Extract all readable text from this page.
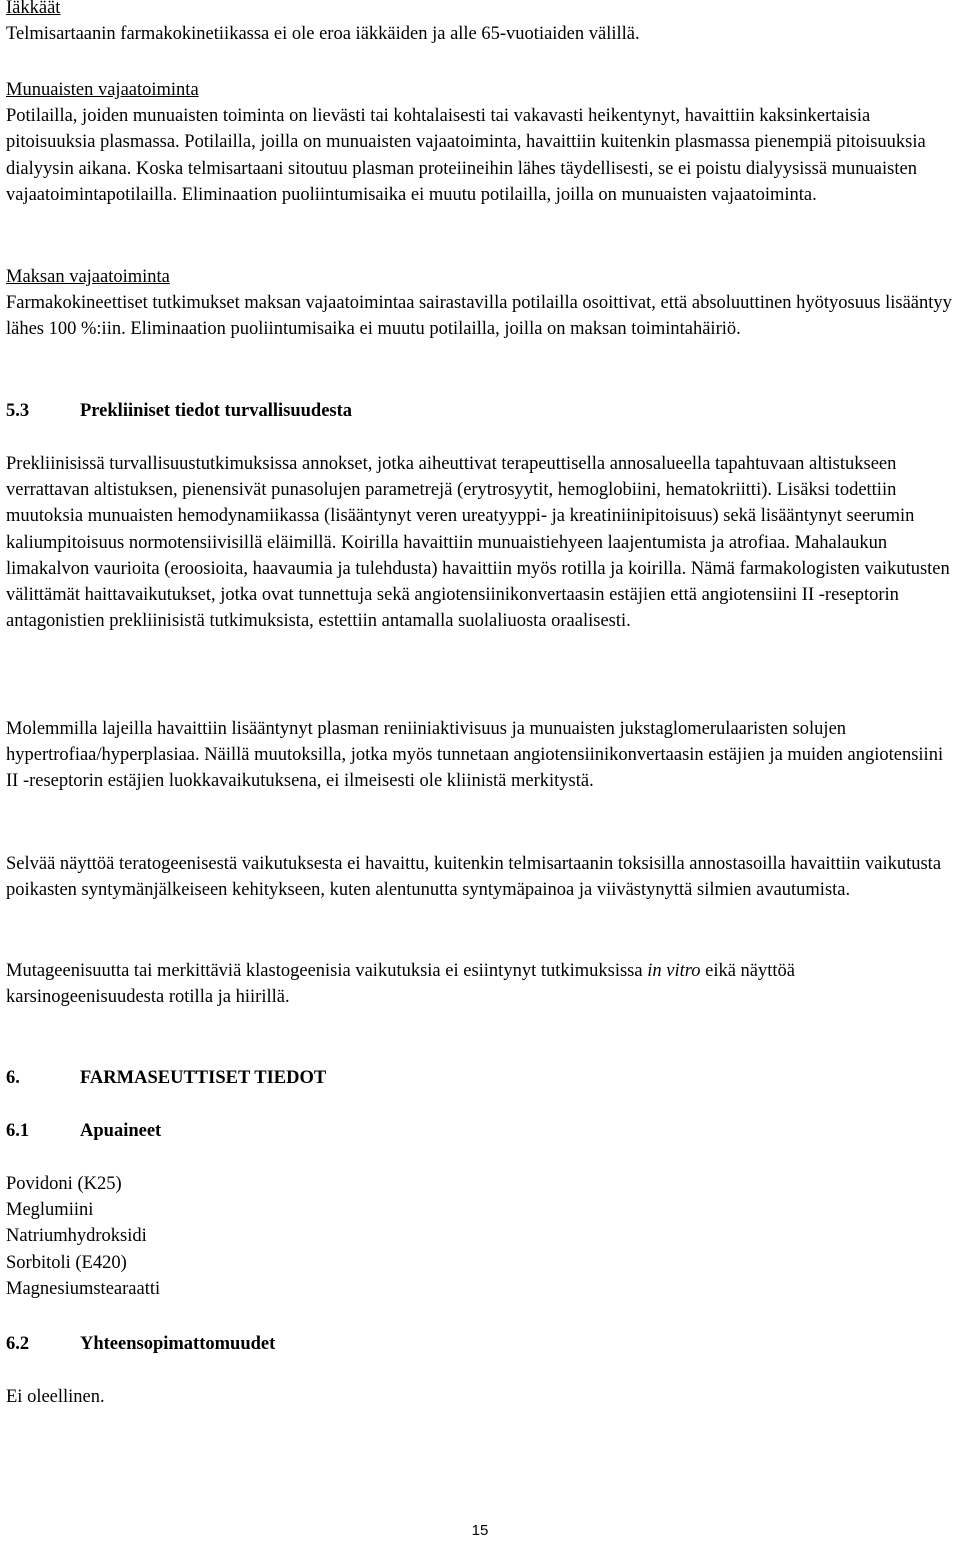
Iäkkäät

Telmisartaanin farmakokinetiikassa ei ole eroa iäkkäiden ja alle 65-vuotiaiden välillä.

Munuaisten vajaatoiminta

Potilailla, joiden munuaisten toiminta on lievästi tai kohtalaisesti tai vakavasti heikentynyt, havaittiin kaksinkertaisia pitoisuuksia plasmassa. Potilailla, joilla on munuaisten vajaatoiminta, havaittiin kuitenkin plasmassa pienempiä pitoisuuksia dialyysin aikana. Koska telmisartaani sitoutuu plasman proteiineihin lähes täydellisesti, se ei poistu dialyysissä munuaisten vajaatoimintapotilailla. Eliminaation puoliintumisaika ei muutu potilailla, joilla on munuaisten vajaatoiminta.

Maksan vajaatoiminta

Farmakokineettiset tutkimukset maksan vajaatoimintaa sairastavilla potilailla osoittivat, että absoluuttinen hyötyosuus lisääntyy lähes 100 %:iin. Eliminaation puoliintumisaika ei muutu potilailla, joilla on maksan toimintahäiriö.

5.3	Prekliiniset tiedot turvallisuudesta

Prekliinisissä turvallisuustutkimuksissa annokset, jotka aiheuttivat terapeuttisella annosalueella tapahtuvaan altistukseen verrattavan altistuksen, pienensivät punasolujen parametrejä (erytrosyytit, hemoglobiini, hematokriitti). Lisäksi todettiin muutoksia munuaisten hemodynamiikassa (lisääntynyt veren ureatyyppi- ja kreatiniinipitoisuus) sekä lisääntynyt seerumin kaliumpitoisuus normotensiivisillä eläimillä. Koirilla havaittiin munuaistiehyeen laajentumista ja atrofiaa. Mahalaukun limakalvon vaurioita (eroosioita, haavaumia ja tulehdusta) havaittiin myös rotilla ja koirilla. Nämä farmakologisten vaikutusten välittämät haittavaikutukset, jotka ovat tunnettuja sekä angiotensiinikonvertaasin estäjien että angiotensiini II -reseptorin antagonistien prekliinisistä tutkimuksista, estettiin antamalla suolaliuosta oraalisesti.

Molemmilla lajeilla havaittiin lisääntynyt plasman reniiniaktivisuus ja munuaisten jukstaglomerulaaristen solujen hypertrofiaa/hyperplasiaa. Näillä muutoksilla, jotka myös tunnetaan angiotensiinikonvertaasin estäjien ja muiden angiotensiini II -reseptorin estäjien luokkavaikutuksena, ei ilmeisesti ole kliinistä merkitystä.

Selvää näyttöä teratogeenisestä vaikutuksesta ei havaittu, kuitenkin telmisartaanin toksisilla annostasoilla havaittiin vaikutusta poikasten syntymänjälkeiseen kehitykseen, kuten alentunutta syntymäpainoa ja viivästynyttä silmien avautumista.

Mutageenisuutta tai merkittäviä klastogeenisia vaikutuksia ei esiintynyt tutkimuksissa in vitro eikä näyttöä karsinogeenisuudesta rotilla ja hiirillä.

6.	FARMASEUTTISET TIEDOT
6.1	Apuaineet
Povidoni (K25)
Meglumiini
Natriumhydroksidi
Sorbitoli (E420)
Magnesiumstearaatti
6.2	Yhteensopimattomuudet

Ei oleellinen.

15
